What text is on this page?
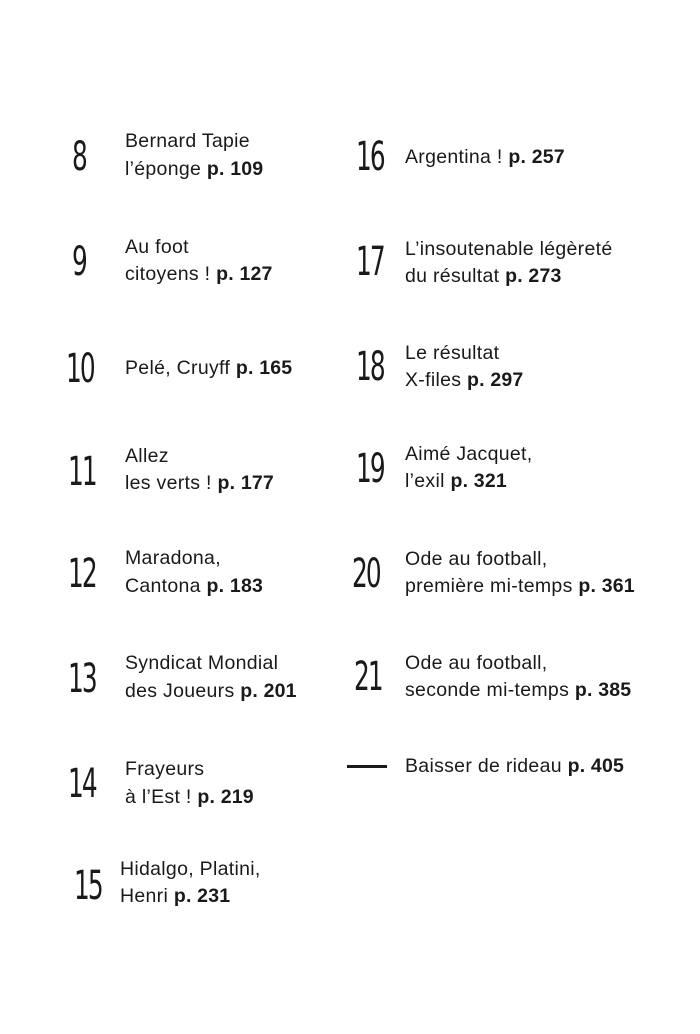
8 Bernard Tapie
l’éponge p. 109
9 Au foot
citoyens ! p. 127
10 Pelé, Cruyff p. 165
11 Allez
les verts ! p. 177
12 Maradona,
Cantona p. 183
13 Syndicat Mondial
des Joueurs p. 201
14 Frayeurs
à l’Est ! p. 219
15 Hidalgo, Platini,
Henri p. 231
16 Argentina ! p. 257
17 L’insoutenable légèreté
du résultat p. 273
18 Le résultat
X-files p. 297
19 Aimé Jacquet,
l’exil p. 321
20 Ode au football,
première mi-temps p. 361
21 Ode au football,
seconde mi-temps p. 385
Baisser de rideau p. 405
